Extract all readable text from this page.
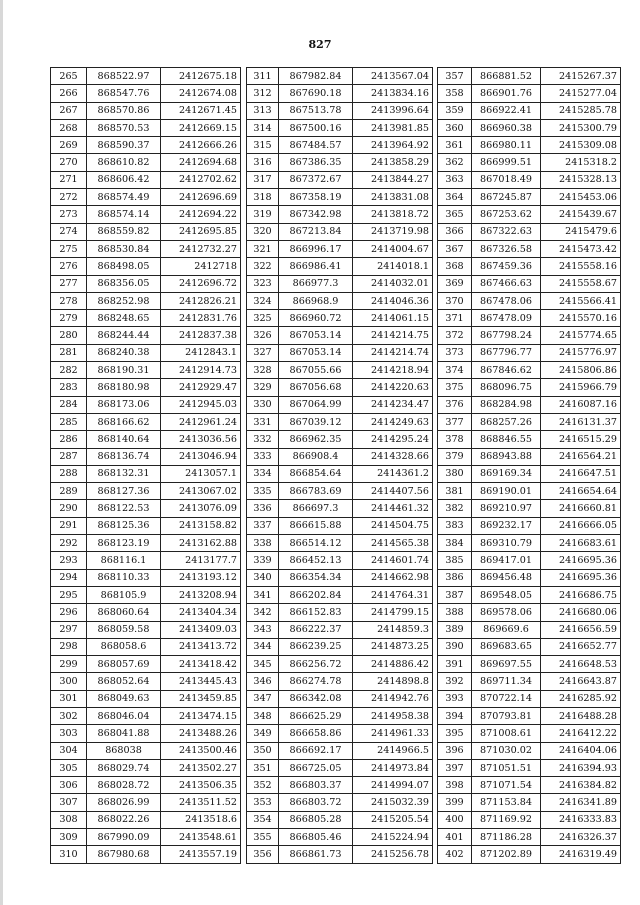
827
265	868522.97	2412675.18
266	868547.76	2412674.08
267	868570.86	2412671.45
268	868570.53	2412669.15
269	868590.37	2412666.26
270	868610.82	2412694.68
271	868606.42	2412702.62
272	868574.49	2412696.69
273	868574.14	2412694.22
274	868559.82	2412695.85
275	868530.84	2412732.27
276	868498.05	2412718
277	868356.05	2412696.72
278	868252.98	2412826.21
279	868248.65	2412831.76
280	868244.44	2412837.38
281	868240.38	2412843.1
282	868190.31	2412914.73
283	868180.98	2412929.47
284	868173.06	2412945.03
285	868166.62	2412961.24
286	868140.64	2413036.56
287	868136.74	2413046.94
288	868132.31	2413057.1
289	868127.36	2413067.02
290	868122.53	2413076.09
291	868125.36	2413158.82
292	868123.19	2413162.88
293	868116.1	2413177.7
294	868110.33	2413193.12
295	868105.9	2413208.94
296	868060.64	2413404.34
297	868059.58	2413409.03
298	868058.6	2413413.72
299	868057.69	2413418.42
300	868052.64	2413445.43
301	868049.63	2413459.85
302	868046.04	2413474.15
303	868041.88	2413488.26
304	868038	2413500.46
305	868029.74	2413502.27
306	868028.72	2413506.35
307	868026.99	2413511.52
308	868022.26	2413518.6
309	867990.09	2413548.61
310	867980.68	2413557.19
311	867982.84	2413567.04
312	867690.18	2413834.16
313	867513.78	2413996.64
314	867500.16	2413981.85
315	867484.57	2413964.92
316	867386.35	2413858.29
317	867372.67	2413844.27
318	867358.19	2413831.08
319	867342.98	2413818.72
320	867213.84	2413719.98
321	866996.17	2414004.67
322	866986.41	2414018.1
323	866977.3	2414032.01
324	866968.9	2414046.36
325	866960.72	2414061.15
326	867053.14	2414214.75
327	867053.14	2414214.74
328	867055.66	2414218.94
329	867056.68	2414220.63
330	867064.99	2414234.47
331	867039.12	2414249.63
332	866962.35	2414295.24
333	866908.4	2414328.66
334	866854.64	2414361.2
335	866783.69	2414407.56
336	866697.3	2414461.32
337	866615.88	2414504.75
338	866514.12	2414565.38
339	866452.13	2414601.74
340	866354.34	2414662.98
341	866202.84	2414764.31
342	866152.83	2414799.15
343	866222.37	2414859.3
344	866239.25	2414873.25
345	866256.72	2414886.42
346	866274.78	2414898.8
347	866342.08	2414942.76
348	866625.29	2414958.38
349	866658.86	2414961.33
350	866692.17	2414966.5
351	866725.05	2414973.84
352	866803.37	2414994.07
353	866803.72	2415032.39
354	866805.28	2415205.54
355	866805.46	2415224.94
356	866861.73	2415256.78
357	866881.52	2415267.37
358	866901.76	2415277.04
359	866922.41	2415285.78
360	866960.38	2415300.79
361	866980.11	2415309.08
362	866999.51	2415318.2
363	867018.49	2415328.13
364	867245.87	2415453.06
365	867253.62	2415439.67
366	867322.63	2415479.6
367	867326.58	2415473.42
368	867459.36	2415558.16
369	867466.63	2415558.67
370	867478.06	2415566.41
371	867478.09	2415570.16
372	867798.24	2415774.65
373	867796.77	2415776.97
374	867846.62	2415806.86
375	868096.75	2415966.79
376	868284.98	2416087.16
377	868257.26	2416131.37
378	868846.55	2416515.29
379	868943.88	2416564.21
380	869169.34	2416647.51
381	869190.01	2416654.64
382	869210.97	2416660.81
383	869232.17	2416666.05
384	869310.79	2416683.61
385	869417.01	2416695.36
386	869456.48	2416695.36
387	869548.05	2416686.75
388	869578.06	2416680.06
389	869669.6	2416656.59
390	869683.65	2416652.77
391	869697.55	2416648.53
392	869711.34	2416643.87
393	870722.14	2416285.92
394	870793.81	2416488.28
395	871008.61	2416412.22
396	871030.02	2416404.06
397	871051.51	2416394.93
398	871071.54	2416384.82
399	871153.84	2416341.89
400	871169.92	2416333.83
401	871186.28	2416326.37
402	871202.89	2416319.49
